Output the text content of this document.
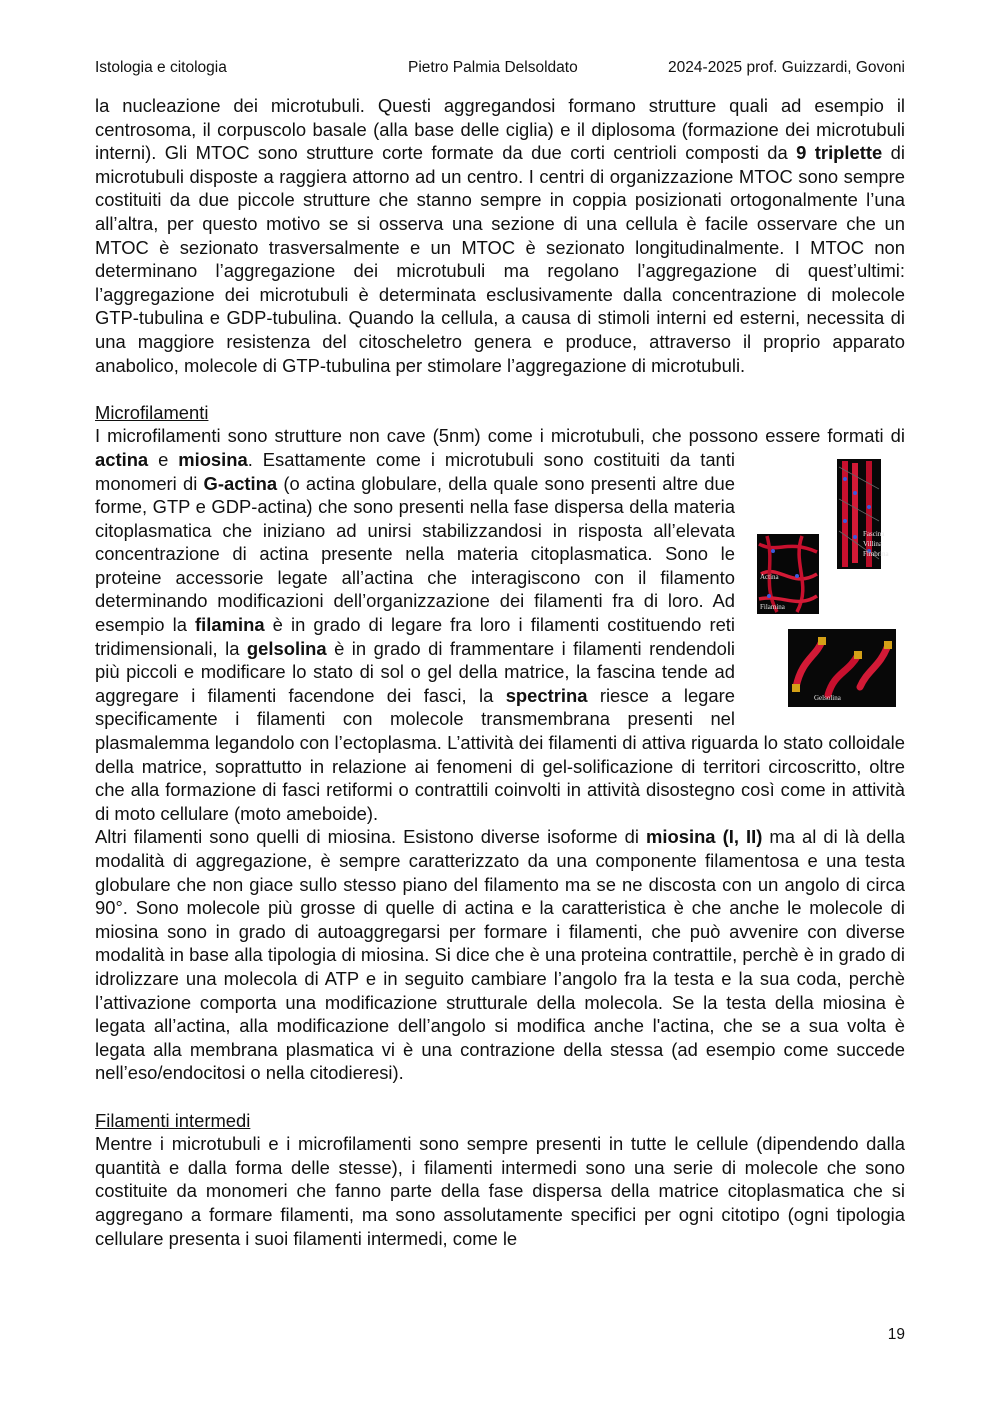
Istologia e citologia	Pietro Palmia Delsoldato	2024-2025 prof. Guizzardi, Govoni

la nucleazione dei microtubuli. Questi aggregandosi formano strutture quali ad esempio il centrosoma, il corpuscolo basale (alla base delle ciglia) e il diplosoma (formazione dei microtubuli interni). Gli MTOC sono strutture corte formate da due corti centrioli composti da 9 triplette di microtubuli disposte a raggiera attorno ad un centro. I centri di organizzazione MTOC sono sempre costituiti da due piccole strutture che stanno sempre in coppia posizionati ortogonalmente l’una all’altra, per questo motivo se si osserva una sezione di una cellula è facile osservare che un MTOC è sezionato trasversalmente e un MTOC è sezionato longitudinalmente. I MTOC non determinano l’aggregazione dei microtubuli ma regolano l’aggregazione di quest’ultimi: l’aggregazione dei microtubuli è determinata esclusivamente dalla concentrazione di molecole GTP-tubulina e GDP-tubulina. Quando la cellula, a causa di stimoli interni ed esterni, necessita di una maggiore resistenza del citoscheletro genera e produce, attraverso il proprio apparato anabolico, molecole di GTP-tubulina per stimolare l’aggregazione di microtubuli.

Microfilamenti

I microfilamenti sono strutture non cave (5nm) come i microtubuli, che possono essere formati di actina e miosina
Fascina
Villina
Fimbrina
Actina
Filamina
Gelsolina
. Esattamente come i microtubuli sono costituiti da tanti monomeri di G-actina (o actina globulare, della quale sono presenti altre due forme, GTP e GDP-actina) che sono presenti nella fase dispersa della materia citoplasmatica che iniziano ad unirsi stabilizzandosi in risposta all’elevata concentrazione di actina presente nella materia citoplasmatica. Sono le proteine accessorie legate all’actina che interagiscono con il filamento determinando modificazioni dell’organizzazione dei filamenti fra di loro. Ad esempio la filamina è in grado di legare fra loro i filamenti costituendo reti tridimensionali, la gelsolina è in grado di frammentare i filamenti rendendoli più piccoli e modificare lo stato di sol o gel della matrice, la fascina tende ad aggregare i filamenti facendone dei fasci, la spectrina riesce a legare specificamente i filamenti con molecole transmembrana presenti nel plasmalemma legandolo con l’ectoplasma. L’attività dei filamenti di attiva riguarda lo stato colloidale della matrice, soprattutto in relazione ai fenomeni di gel-solificazione di territori circoscritto, oltre che alla formazione di fasci retiformi o contrattili coinvolti in attività disostegno così come in attività di moto cellulare (moto ameboide).

Altri filamenti sono quelli di miosina. Esistono diverse isoforme di miosina (I, II) ma al di là della modalità di aggregazione, è sempre caratterizzato da una componente filamentosa e una testa globulare che non giace sullo stesso piano del filamento ma se ne discosta con un angolo di circa 90°. Sono molecole più grosse di quelle di actina e la caratteristica è che anche le molecole di miosina sono in grado di autoaggregarsi per formare i filamenti, che può avvenire con diverse modalità in base alla tipologia di miosina. Si dice che è una proteina contrattile, perchè è in grado di idrolizzare una molecola di ATP e in seguito cambiare l’angolo fra la testa e la sua coda, perchè l’attivazione comporta una modificazione strutturale della molecola. Se la testa della miosina è legata all’actina, alla modificazione dell’angolo si modifica anche l'actina, che se a sua volta è legata alla membrana plasmatica vi è una contrazione della stessa (ad esempio come succede nell’eso/endocitosi o nella citodieresi).

Filamenti intermedi

Mentre i microtubuli e i microfilamenti sono sempre presenti in tutte le cellule (dipendendo dalla quantità e dalla forma delle stesse), i filamenti intermedi sono una serie di molecole che sono costituite da monomeri che fanno parte della fase dispersa della matrice citoplasmatica che si aggregano a formare filamenti, ma sono assolutamente specifici per ogni citotipo (ogni tipologia cellulare presenta i suoi filamenti intermedi, come le

19
